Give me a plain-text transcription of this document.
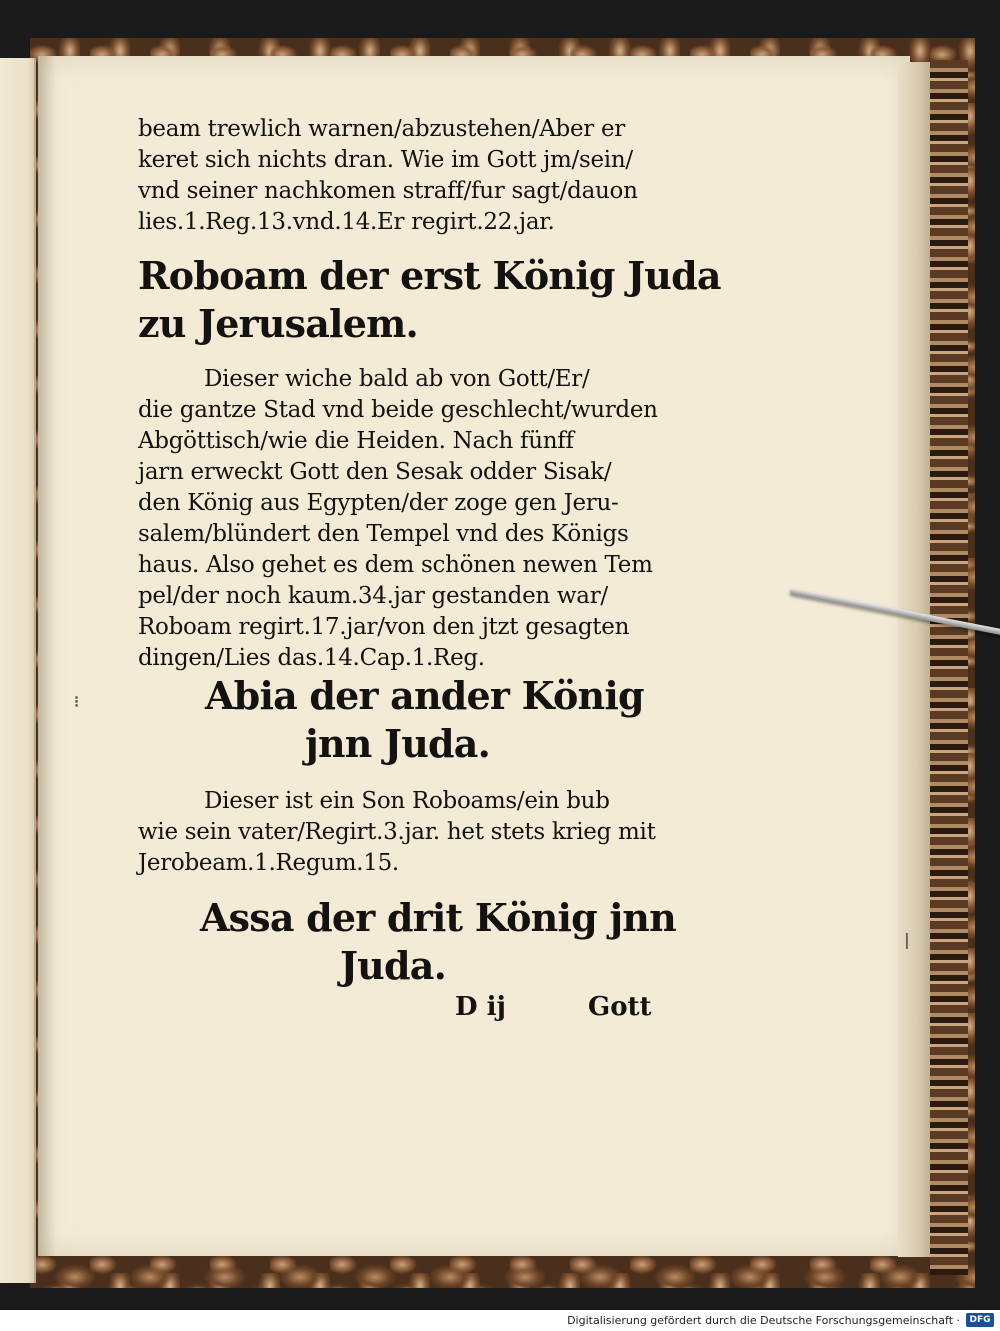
⁝
|
beam trewlich warnen/abzustehen/Aber er
keret sich nichts dran. Wie im Gott jm/sein/
vnd seiner nachkomen straff/fur sagt/dauon
lies.1.Reg.13.vnd.14.Er regirt.22.jar.
Roboam der erst König Juda
zu Jerusalem.
Dieser wiche bald ab von Gott/Er/
die gantze Stad vnd beide geschlecht/wurden
Abgöttisch/wie die Heiden. Nach fünff
jarn erweckt Gott den Sesak odder Sisak/
den König aus Egypten/der zoge gen Jeru-
salem/blündert den Tempel vnd des Königs
haus. Also gehet es dem schönen newen Tem
pel/der noch kaum.34.jar gestanden war/
Roboam regirt.17.jar/von den jtzt gesagten
dingen/Lies das.14.Cap.1.Reg.
Abia der ander König
jnn Juda.
Dieser ist ein Son Roboams/ein bub
wie sein vater/Regirt.3.jar. het stets krieg mit
Jerobeam.1.Regum.15.
Assa der drit König jnn
Juda.
D ij	Gott
Digitalisierung gefördert durch die Deutsche Forschungsgemeinschaft ·	DFG
